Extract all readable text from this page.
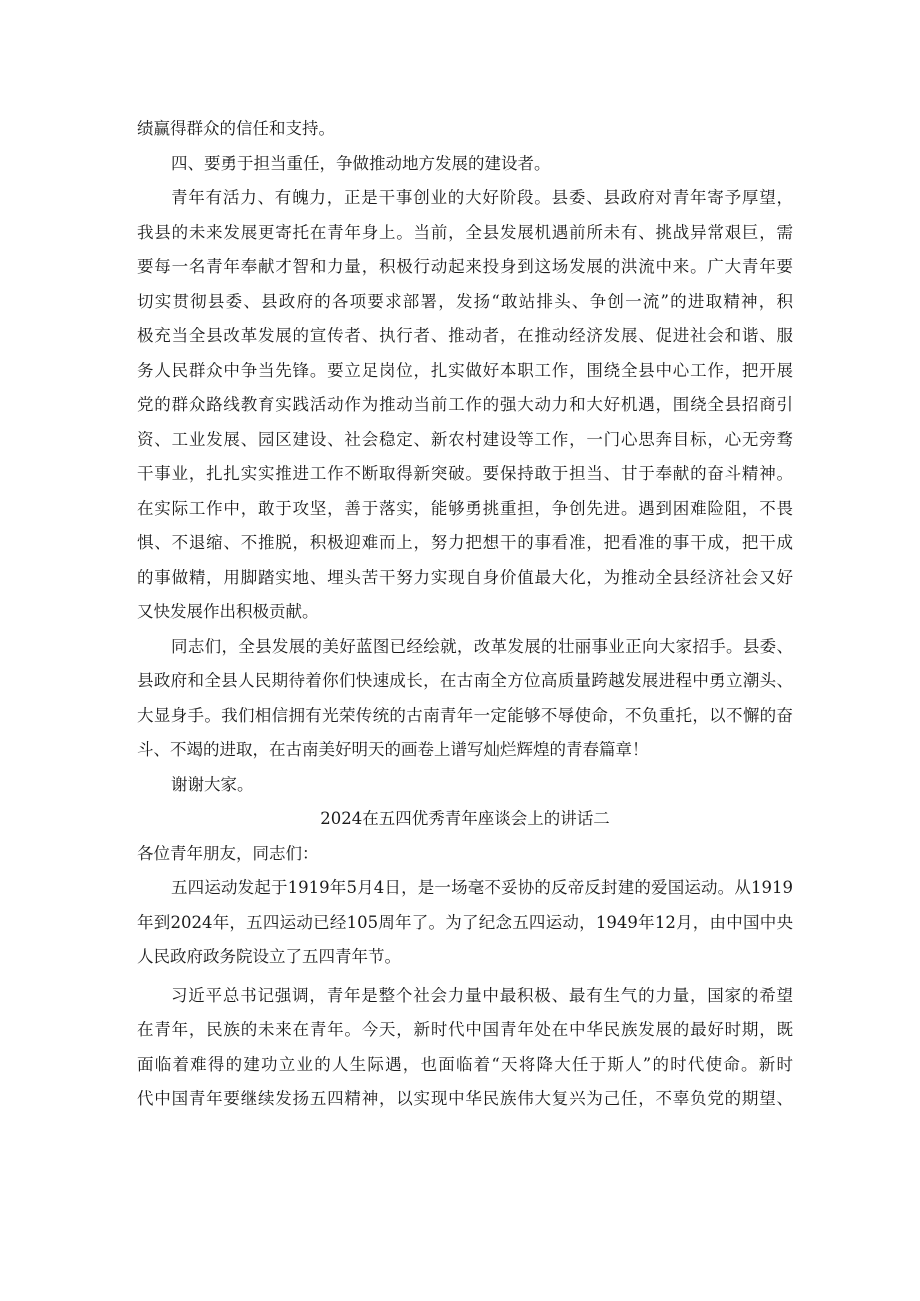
绩赢得群众的信任和支持。
四、要勇于担当重任，争做推动地方发展的建设者。
青年有活力、有魄力，正是干事创业的大好阶段。县委、县政府对青年寄予厚望，
我县的未来发展更寄托在青年身上。当前，全县发展机遇前所未有、挑战异常艰巨，需
要每一名青年奉献才智和力量，积极行动起来投身到这场发展的洪流中来。广大青年要
切实贯彻县委、县政府的各项要求部署，发扬“敢站排头、争创一流”的进取精神，积
极充当全县改革发展的宣传者、执行者、推动者，在推动经济发展、促进社会和谐、服
务人民群众中争当先锋。要立足岗位，扎实做好本职工作，围绕全县中心工作，把开展
党的群众路线教育实践活动作为推动当前工作的强大动力和大好机遇，围绕全县招商引
资、工业发展、园区建设、社会稳定、新农村建设等工作，一门心思奔目标，心无旁骛
干事业，扎扎实实推进工作不断取得新突破。要保持敢于担当、甘于奉献的奋斗精神。
在实际工作中，敢于攻坚，善于落实，能够勇挑重担，争创先进。遇到困难险阻，不畏
惧、不退缩、不推脱，积极迎难而上，努力把想干的事看准，把看准的事干成，把干成
的事做精，用脚踏实地、埋头苦干努力实现自身价值最大化，为推动全县经济社会又好
又快发展作出积极贡献。
同志们，全县发展的美好蓝图已经绘就，改革发展的壮丽事业正向大家招手。县委、
县政府和全县人民期待着你们快速成长，在古南全方位高质量跨越发展进程中勇立潮头、
大显身手。我们相信拥有光荣传统的古南青年一定能够不辱使命，不负重托，以不懈的奋
斗、不竭的进取，在古南美好明天的画卷上谱写灿烂辉煌的青春篇章！
谢谢大家。
2024在五四优秀青年座谈会上的讲话二
各位青年朋友，同志们：
五四运动发起于1919年5月4日，是一场毫不妥协的反帝反封建的爱国运动。从1919
年到2024年，五四运动已经105周年了。为了纪念五四运动，1949年12月，由中国中央
人民政府政务院设立了五四青年节。
习近平总书记强调，青年是整个社会力量中最积极、最有生气的力量，国家的希望
在青年，民族的未来在青年。今天，新时代中国青年处在中华民族发展的最好时期，既
面临着难得的建功立业的人生际遇，也面临着“天将降大任于斯人”的时代使命。新时
代中国青年要继续发扬五四精神，以实现中华民族伟大复兴为己任，不辜负党的期望、
